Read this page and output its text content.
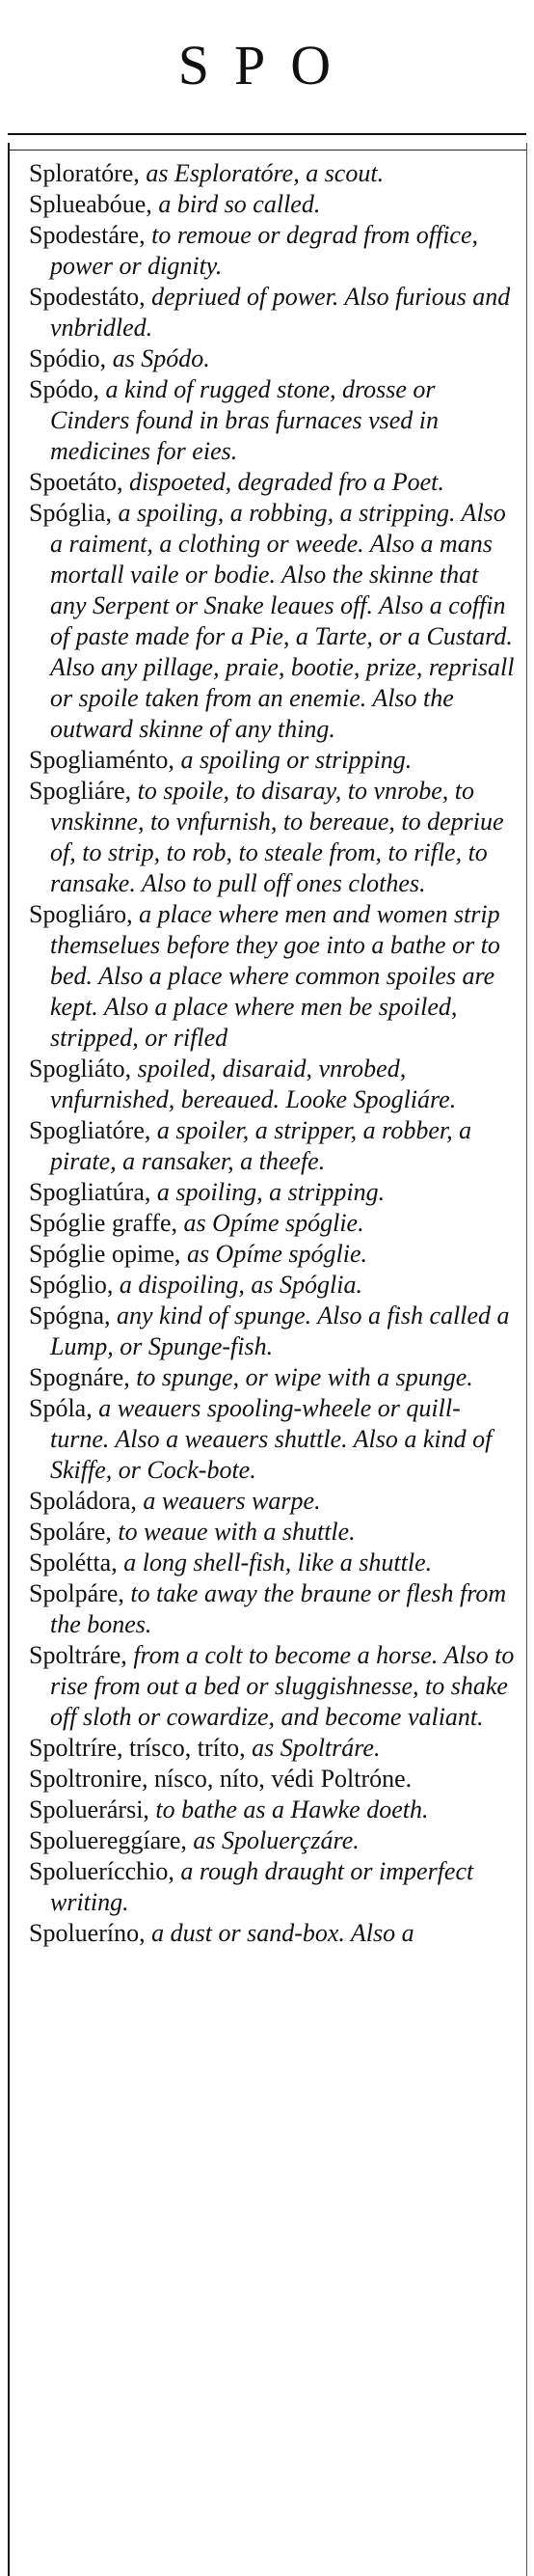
SPO
Sploratóre, as Esploratóre, a scout.
Splueabóue, a bird so called.
Spodestáre, to remoue or degrad from office, power or dignity.
Spodestáto, depriued of power. Also furious and vnbridled.
Spódio, as Spódo.
Spódo, a kind of rugged stone, drosse or Cinders found in bras furnaces vsed in medicines for eies.
Spoetáto, dispoeted, degraded fro a Poet.
Spóglia, a spoiling, a robbing, a stripping. Also a raiment, a clothing or weede. Also a mans mortall vaile or bodie. Also the skinne that any Serpent or Snake leaues off. Also a coffin of paste made for a Pie, a Tarte, or a Custard. Also any pillage, praie, bootie, prize, reprisall or spoile taken from an enemie. Also the outward skinne of any thing.
Spogliaménto, a spoiling or stripping.
Spogliáre, to spoile, to disaray, to vnrobe, to vnskinne, to vnfurnish, to bereaue, to depriue of, to strip, to rob, to steale from, to rifle, to ransake. Also to pull off ones clothes.
Spogliáro, a place where men and women strip themselues before they goe into a bathe or to bed. Also a place where common spoiles are kept. Also a place where men be spoiled, stripped, or rifled
Spogliáto, spoiled, disaraid, vnrobed, vnfurnished, bereaued. Looke Spogliáre.
Spogliatóre, a spoiler, a stripper, a robber, a pirate, a ransaker, a theefe.
Spogliatúra, a spoiling, a stripping.
Spóglie graffe, as Opíme spóglie.
Spóglie opime, as Opíme spóglie.
Spóglio, a dispoiling, as Spóglia.
Spógna, any kind of spunge. Also a fish called a Lump, or Spunge-fish.
Spognáre, to spunge, or wipe with a spunge.
Spóla, a weauers spooling-wheele or quill-turne. Also a weauers shuttle. Also a kind of Skiffe, or Cock-bote.
Spoládora, a weauers warpe.
Spoláre, to weaue with a shuttle.
Spolétta, a long shell-fish, like a shuttle.
Spolpáre, to take away the braune or flesh from the bones.
Spoltráre, from a colt to become a horse. Also to rise from out a bed or sluggishnesse, to shake off sloth or cowardize, and become valiant.
Spoltríre, trísco, tríto, as Spoltráre.
Spoltronire, nísco, níto, védi Poltróne.
Spoluerársi, to bathe as a Hawke doeth.
Spoluereggíare, as Spoluerçzáre.
Spoluerícchio, a rough draught or imperfect writing.
Spolueríno, a dust or sand-box. Also a
